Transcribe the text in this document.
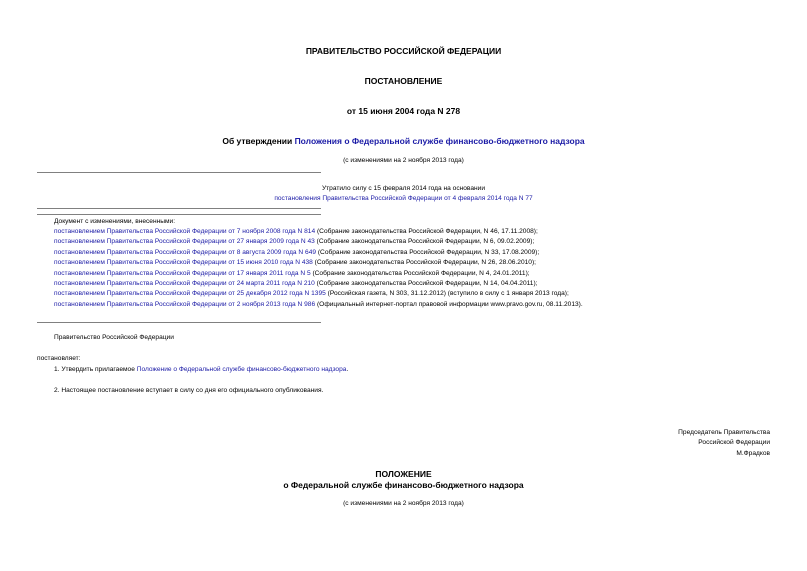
ПРАВИТЕЛЬСТВО РОССИЙСКОЙ ФЕДЕРАЦИИ
ПОСТАНОВЛЕНИЕ
от 15 июня 2004 года N 278
Об утверждении Положения о Федеральной службе финансово-бюджетного надзора
(с изменениями на 2 ноября 2013 года)
Утратило силу с 15 февраля 2014 года на основании
постановления Правительства Российской Федерации от 4 февраля 2014 года N 77
Документ с изменениями, внесенными:
постановлением Правительства Российской Федерации от 7 ноября 2008 года N 814 (Собрание законодательства Российской Федерации, N 46, 17.11.2008);
постановлением Правительства Российской Федерации от 27 января 2009 года N 43 (Собрание законодательства Российской Федерации, N 6, 09.02.2009);
постановлением Правительства Российской Федерации от 8 августа 2009 года N 649 (Собрание законодательства Российской Федерации, N 33, 17.08.2009);
постановлением Правительства Российской Федерации от 15 июня 2010 года N 438 (Собрание законодательства Российской Федерации, N 26, 28.06.2010);
постановлением Правительства Российской Федерации от 17 января 2011 года N 5 (Собрание законодательства Российской Федерации, N 4, 24.01.2011);
постановлением Правительства Российской Федерации от 24 марта 2011 года N 210 (Собрание законодательства Российской Федерации, N 14, 04.04.2011);
постановлением Правительства Российской Федерации от 25 декабря 2012 года N 1395 (Российская газета, N 303, 31.12.2012) (вступило в силу с 1 января 2013 года);
постановлением Правительства Российской Федерации от 2 ноября 2013 года N 986 (Официальный интернет-портал правовой информации www.pravo.gov.ru, 08.11.2013).
Правительство Российской Федерации
постановляет:
1. Утвердить прилагаемое Положение о Федеральной службе финансово-бюджетного надзора.
2. Настоящее постановление вступает в силу со дня его официального опубликования.
Председатель Правительства
Российской Федерации
М.Фрадков
ПОЛОЖЕНИЕ
о Федеральной службе финансово-бюджетного надзора
(с изменениями на 2 ноября 2013 года)
